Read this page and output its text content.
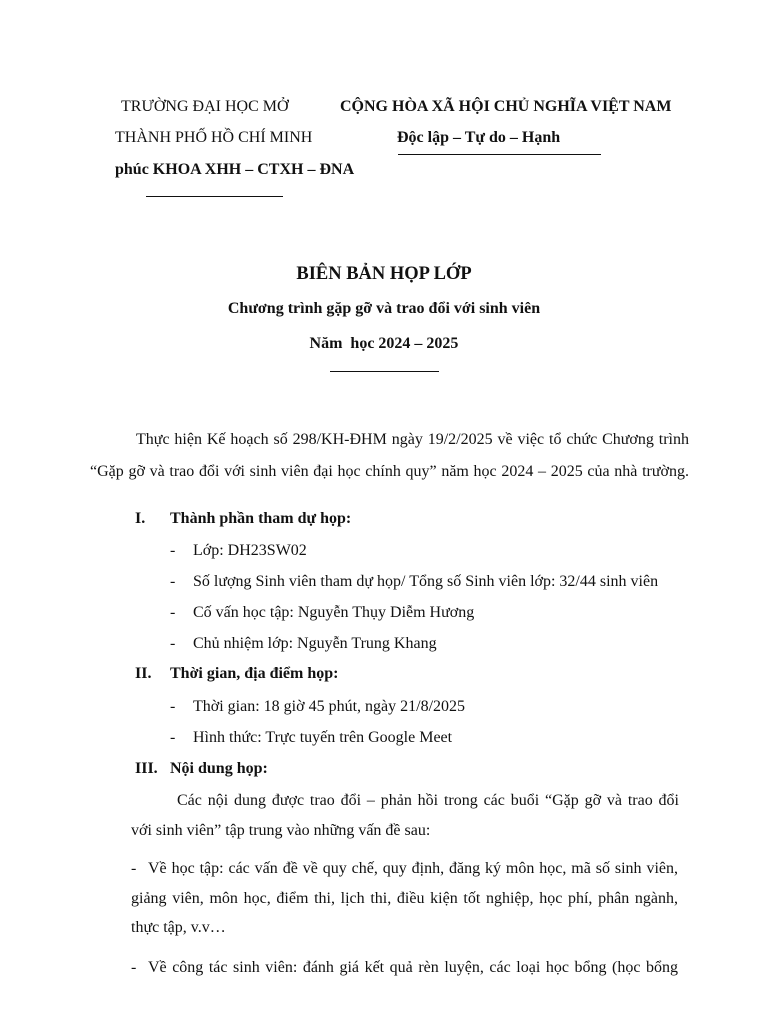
TRƯỜNG ĐẠI HỌC MỞ
THÀNH PHỐ HỒ CHÍ MINH
phúc KHOA XHH – CTXH – ĐNA
CỘNG HÒA XÃ HỘI CHỦ NGHĨA VIỆT NAM
Độc lập – Tự do – Hạnh
BIÊN BẢN HỌP LỚP
Chương trình gặp gỡ và trao đổi với sinh viên
Năm  học 2024 – 2025
Thực hiện Kế hoạch số 298/KH-ĐHM ngày 19/2/2025 về việc tổ chức Chương trình
“Gặp gỡ và trao đổi với sinh viên đại học chính quy” năm học 2024 – 2025 của nhà trường.
I. Thành phần tham dự họp:
- Lớp: DH23SW02
- Số lượng Sinh viên tham dự họp/ Tổng số Sinh viên lớp: 32/44 sinh viên
- Cố vấn học tập: Nguyễn Thụy Diễm Hương
- Chủ nhiệm lớp: Nguyễn Trung Khang
II. Thời gian, địa điểm họp:
- Thời gian: 18 giờ 45 phút, ngày 21/8/2025
- Hình thức: Trực tuyến trên Google Meet
III. Nội dung họp:
Các nội dung được trao đổi – phản hồi trong các buổi “Gặp gỡ và trao đổi
với sinh viên” tập trung vào những vấn đề sau:
- Về học tập: các vấn đề về quy chế, quy định, đăng ký môn học, mã số sinh viên,
giảng viên, môn học, điểm thi, lịch thi, điều kiện tốt nghiệp, học phí, phân ngành,
thực tập, v.v…
- Về công tác sinh viên: đánh giá kết quả rèn luyện, các loại học bổng (học bổng
